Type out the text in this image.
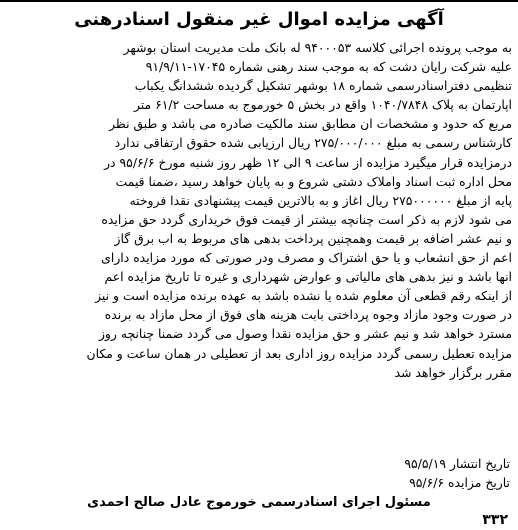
آگهی مزایده اموال غیر منقول اسنادرهنی
به موجب پرونده اجرائی کلاسه ۹۴۰۰۰۵۳ له بانک ملت مدیریت استان بوشهر
علیه شرکت رایان دشت که به موجب سند رهنی شماره ۱۷۰۴۵-۹۱/۹/۱۱
تنظیمی دفتراسنادرسمی شماره ۱۸ بوشهر تشکیل گردیده ششدانگ یکباب
اپارتمان به پلاک ۱۰۴۰/۷۸۴۸ واقع در بخش ۵ خورموج به مساحت ۶۱/۲ متر
مربع که حدود و مشخصات ان مطابق سند مالکیت صادره می باشد و طبق نظر
کارشناس رسمی به مبلغ ۲۷۵/۰۰۰/۰۰۰ ریال ارزیابی شده حقوق ارتفاقی ندارد
درمزایده قرار میگیرد مزایده از ساعت ۹ الی ۱۲ ظهر روز شنبه مورخ ۹۵/۶/۶ در
محل اداره ثبت اسناد واملاک دشتی شروع و به پایان خواهد رسید ،ضمنا قیمت
پایه از مبلغ ۲۷۵۰۰۰۰۰۰ ریال اغاز و به بالاترین قیمت پیشنهادی نقدا فروخته
می شود لازم به ذکر است چنانچه بیشتر از قیمت فوق خریداری گردد حق مزایده
و نیم عشر اضافه بر قیمت وهمچنین پرداخت بدهی های مربوط به اب برق گاز
اعم از حق انشعاب و یا حق اشتراک و مصرف ودر صورتی که مورد مزایده دارای
انها باشد و نیز بدهی های مالیاتی و عوارض شهرداری و غیره تا تاریخ مزایده اعم
از اینکه رقم قطعی آن معلوم شده یا نشده باشد به عهده برنده مزایده است و نیز
در صورت وجود مازاد وجوه پرداختی بابت هزینه های فوق از محل مازاد به برنده
مسترد خواهد شد و نیم عشر و حق مزایده نقدا وصول می گردد ضمنا چنانچه روز
مزایده تعطیل رسمی گردد مزایده روز اداری بعد از تعطیلی در همان ساعت و مکان
مقرر برگزار خواهد شد
تاریخ انتشار ۹۵/۵/۱۹
تاریخ مزایده ۹۵/۶/۶
مسئول اجرای اسنادرسمی خورموج عادل صالح احمدی
۳۳۲
